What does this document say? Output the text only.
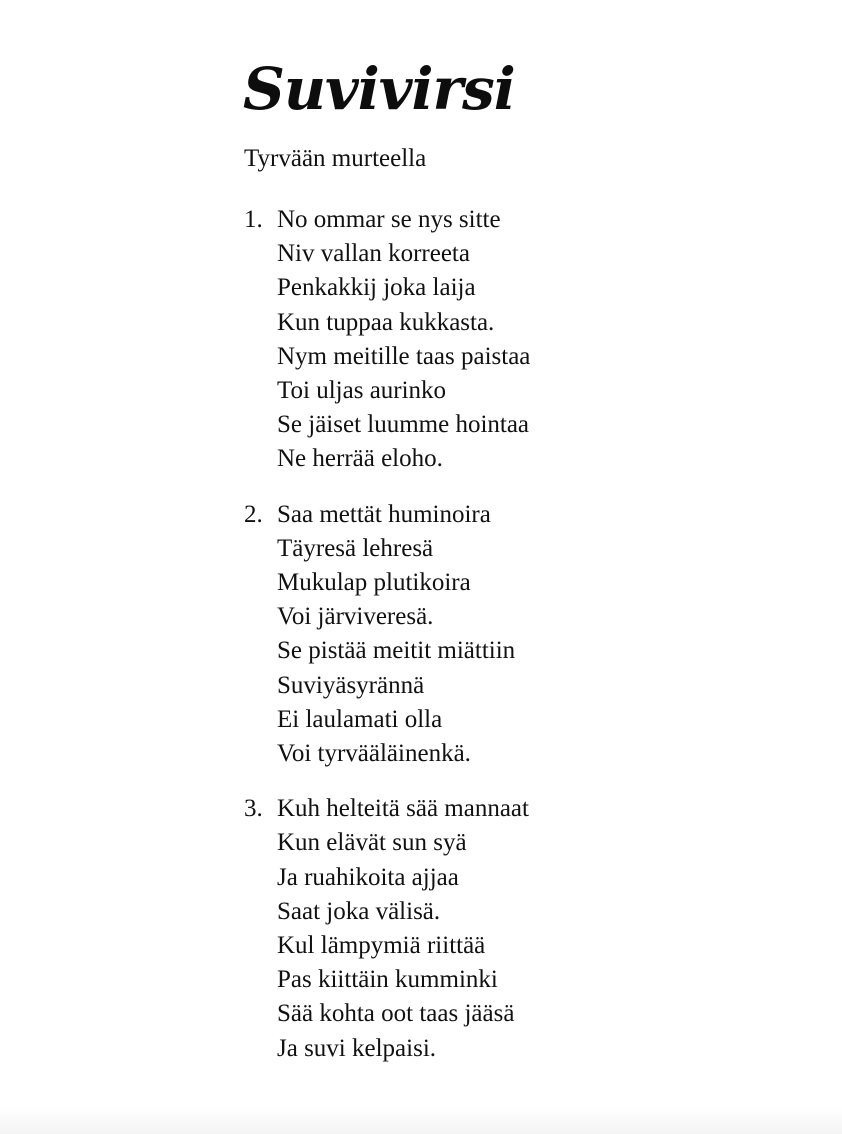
Suvivirsi
Tyrvään murteella
1. No ommar se nys sitte
Niv vallan korreeta
Penkakkij joka laija
Kun tuppaa kukkasta.
Nym meitille taas paistaa
Toi uljas aurinko
Se jäiset luumme hointaa
Ne herrää eloho.
2. Saa mettät huminoira
Täyresä lehresä
Mukulap plutikoira
Voi järviveresä.
Se pistää meitit miättiin
Suviyäsyrännä
Ei laulamati olla
Voi tyrvääläinenkä.
3. Kuh helteitä sää mannaat
Kun elävät sun syä
Ja ruahikoita ajjaa
Saat joka välisä.
Kul lämpymiä riittää
Pas kiittäin kumminki
Sää kohta oot taas jääsä
Ja suvi kelpaisi.
